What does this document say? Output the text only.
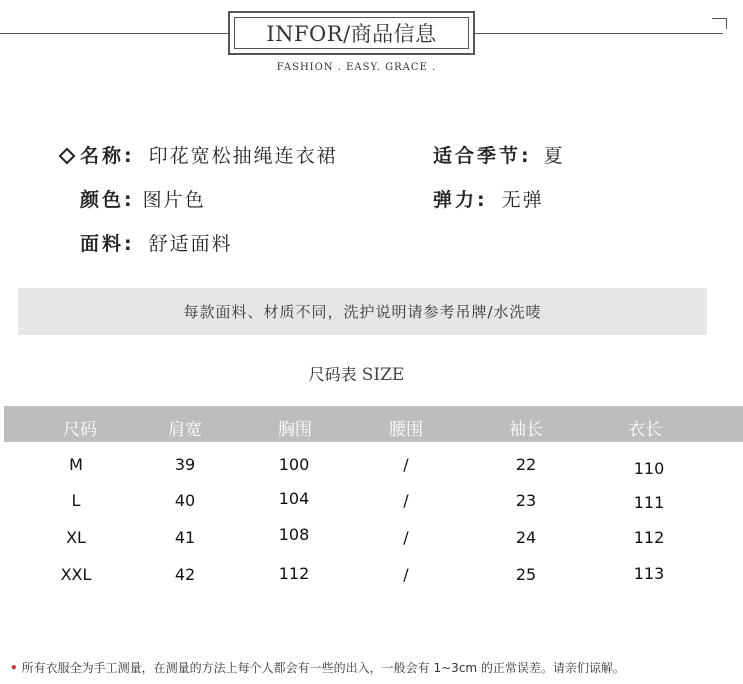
INFOR/商品信息
FASHION . EASY. GRACE .
名称: 印花宽松抽绳连衣裙	适合季节: 夏
颜色: 图片色	弹力: 无弹
面料: 舒适面料
每款面料、材质不同，洗护说明请参考吊牌/水洗唛
尺码表 SIZE
尺码	肩宽	胸围	腰围	袖长	衣长
M	39	100	/	22	110
L	40	104	/	23	111
XL	41	108	/	24	112
XXL	42	112	/	25	113
• 所有衣服全为手工测量，在测量的方法上每个人都会有一些的出入，一般会有 1~3cm 的正常误差。请亲们谅解。
